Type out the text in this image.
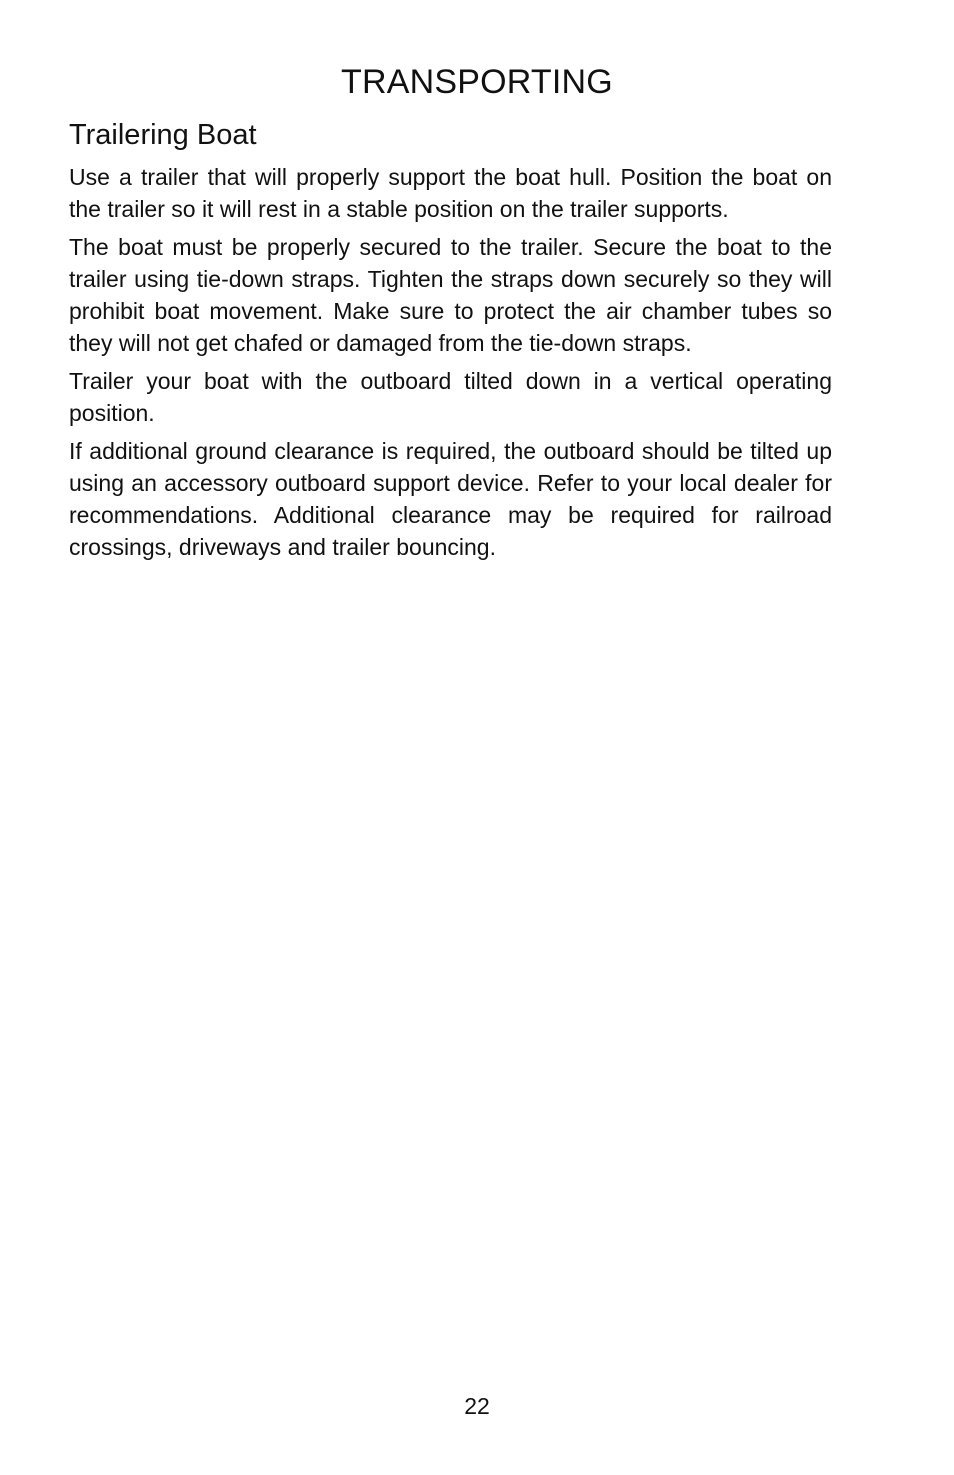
TRANSPORTING
Trailering Boat

Use a trailer that will properly support the boat hull. Position the boat on the trailer so it will rest in a stable position on the trailer supports.

The boat must be properly secured to the trailer. Secure the boat to the trailer using tie-down straps. Tighten the straps down securely so they will prohibit boat movement. Make sure to protect the air chamber tubes so they will not get chafed or damaged from the tie-down straps.

Trailer your boat with the outboard tilted down in a vertical operating position.

If additional ground clearance is required, the outboard should be tilted up using an accessory outboard support device. Refer to your local dealer for recommendations. Additional clearance may be required for railroad crossings, driveways and trailer bouncing.

22
